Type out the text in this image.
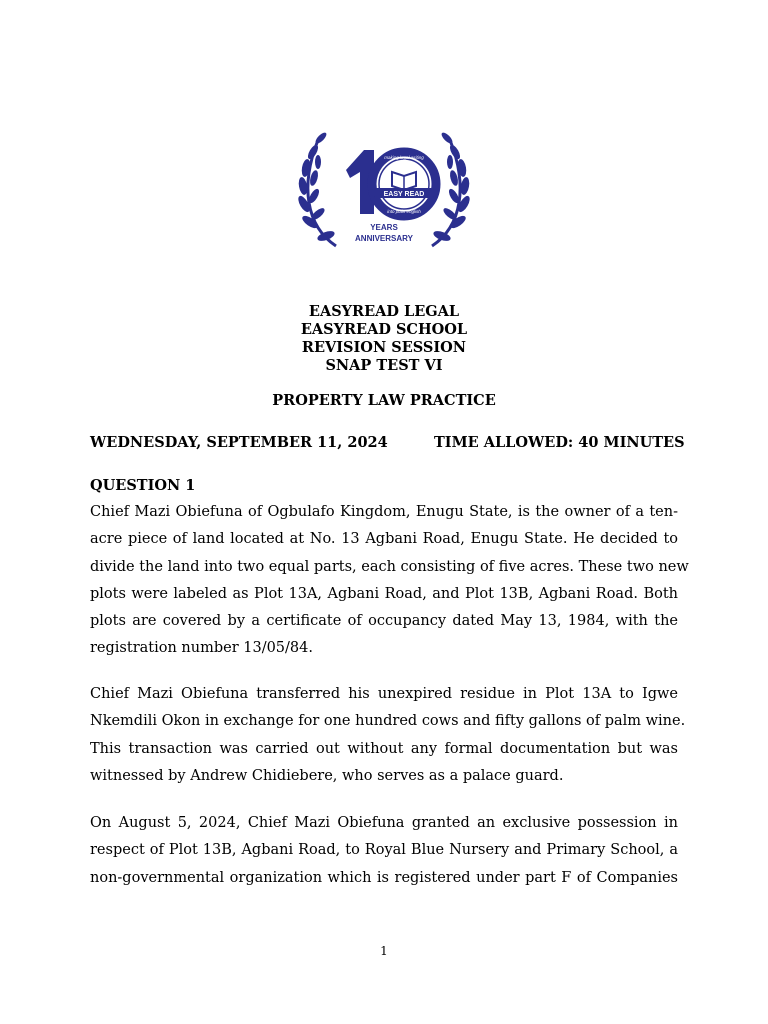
EASY READ
making legal writing
into plain english
YEARS
ANNIVERSARY
EASYREAD LEGAL
EASYREAD SCHOOL
REVISION SESSION
SNAP TEST VI
PROPERTY LAW PRACTICE
WEDNESDAY, SEPTEMBER 11, 2024	TIME ALLOWED: 40 MINUTES
QUESTION 1
Chief Mazi Obiefuna of Ogbulafo Kingdom, Enugu State, is the owner of a ten-
acre piece of land located at No. 13 Agbani Road, Enugu State. He decided to
divide the land into two equal parts, each consisting of five acres. These two new
plots were labeled as Plot 13A, Agbani Road, and Plot 13B, Agbani Road. Both
plots are covered by a certificate of occupancy dated May 13, 1984, with the
registration number 13/05/84.
Chief Mazi Obiefuna transferred his unexpired residue in Plot 13A to Igwe
Nkemdili Okon in exchange for one hundred cows and fifty gallons of palm wine.
This transaction was carried out without any formal documentation but was
witnessed by Andrew Chidiebere, who serves as a palace guard.
On August 5, 2024, Chief Mazi Obiefuna granted an exclusive possession in
respect of Plot 13B, Agbani Road, to Royal Blue Nursery and Primary School, a
non-governmental organization which is registered under part F of Companies
1
